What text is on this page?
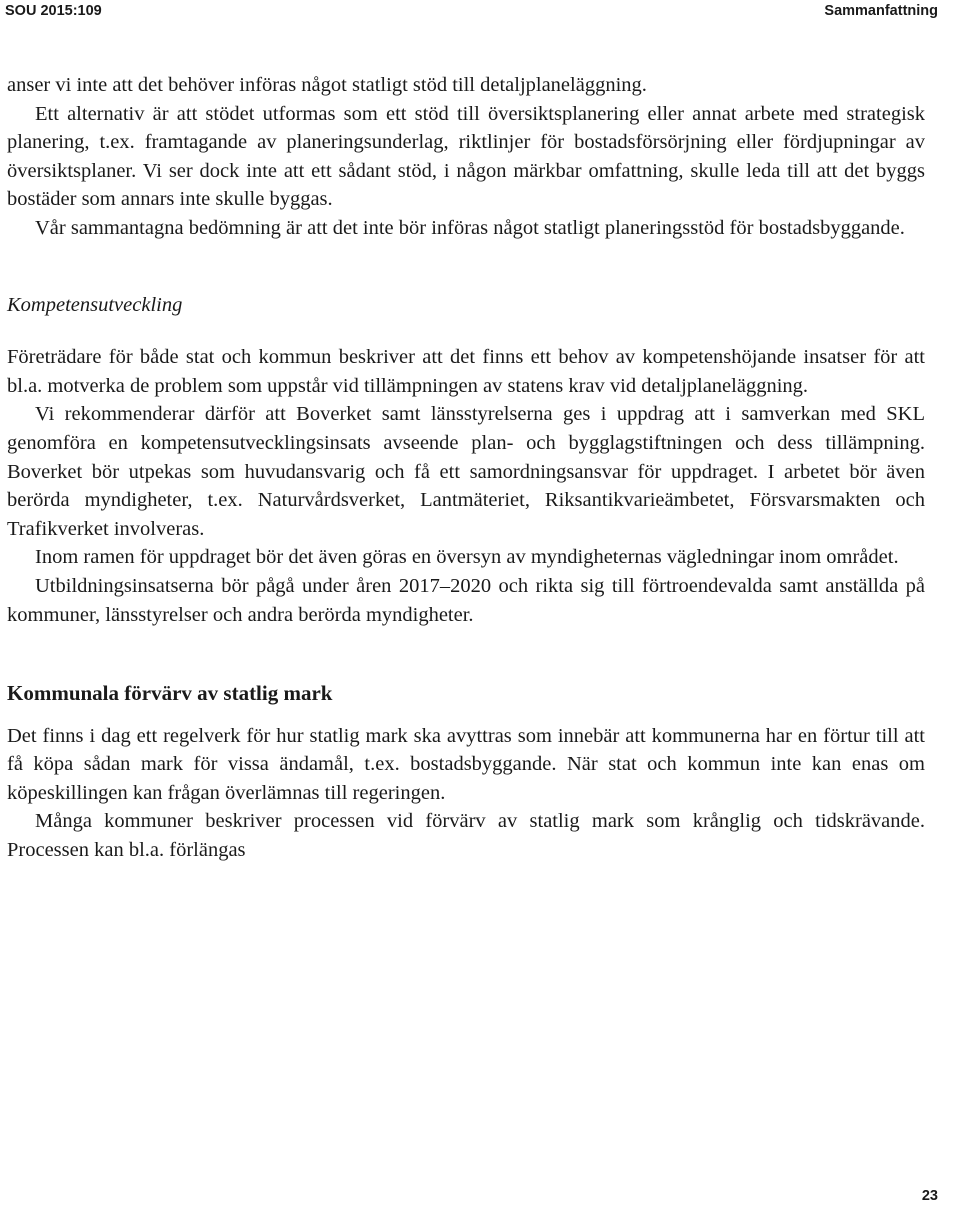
SOU 2015:109	Sammanfattning

anser vi inte att det behöver införas något statligt stöd till detaljplaneläggning.

Ett alternativ är att stödet utformas som ett stöd till översiktsplanering eller annat arbete med strategisk planering, t.ex. framtagande av planeringsunderlag, riktlinjer för bostadsförsörjning eller fördjupningar av översiktsplaner. Vi ser dock inte att ett sådant stöd, i någon märkbar omfattning, skulle leda till att det byggs bostäder som annars inte skulle byggas.

Vår sammantagna bedömning är att det inte bör införas något statligt planeringsstöd för bostadsbyggande.

Kompetensutveckling

Företrädare för både stat och kommun beskriver att det finns ett behov av kompetenshöjande insatser för att bl.a. motverka de problem som uppstår vid tillämpningen av statens krav vid detaljplaneläggning.

Vi rekommenderar därför att Boverket samt länsstyrelserna ges i uppdrag att i samverkan med SKL genomföra en kompetensutvecklingsinsats avseende plan- och bygglagstiftningen och dess tillämpning. Boverket bör utpekas som huvudansvarig och få ett samordningsansvar för uppdraget. I arbetet bör även berörda myndigheter, t.ex. Naturvårdsverket, Lantmäteriet, Riksantikvarieämbetet, Försvarsmakten och Trafikverket involveras.

Inom ramen för uppdraget bör det även göras en översyn av myndigheternas vägledningar inom området.

Utbildningsinsatserna bör pågå under åren 2017–2020 och rikta sig till förtroendevalda samt anställda på kommuner, länsstyrelser och andra berörda myndigheter.

Kommunala förvärv av statlig mark

Det finns i dag ett regelverk för hur statlig mark ska avyttras som innebär att kommunerna har en förtur till att få köpa sådan mark för vissa ändamål, t.ex. bostadsbyggande. När stat och kommun inte kan enas om köpeskillingen kan frågan överlämnas till regeringen.

Många kommuner beskriver processen vid förvärv av statlig mark som krånglig och tidskrävande. Processen kan bl.a. förlängas

23
